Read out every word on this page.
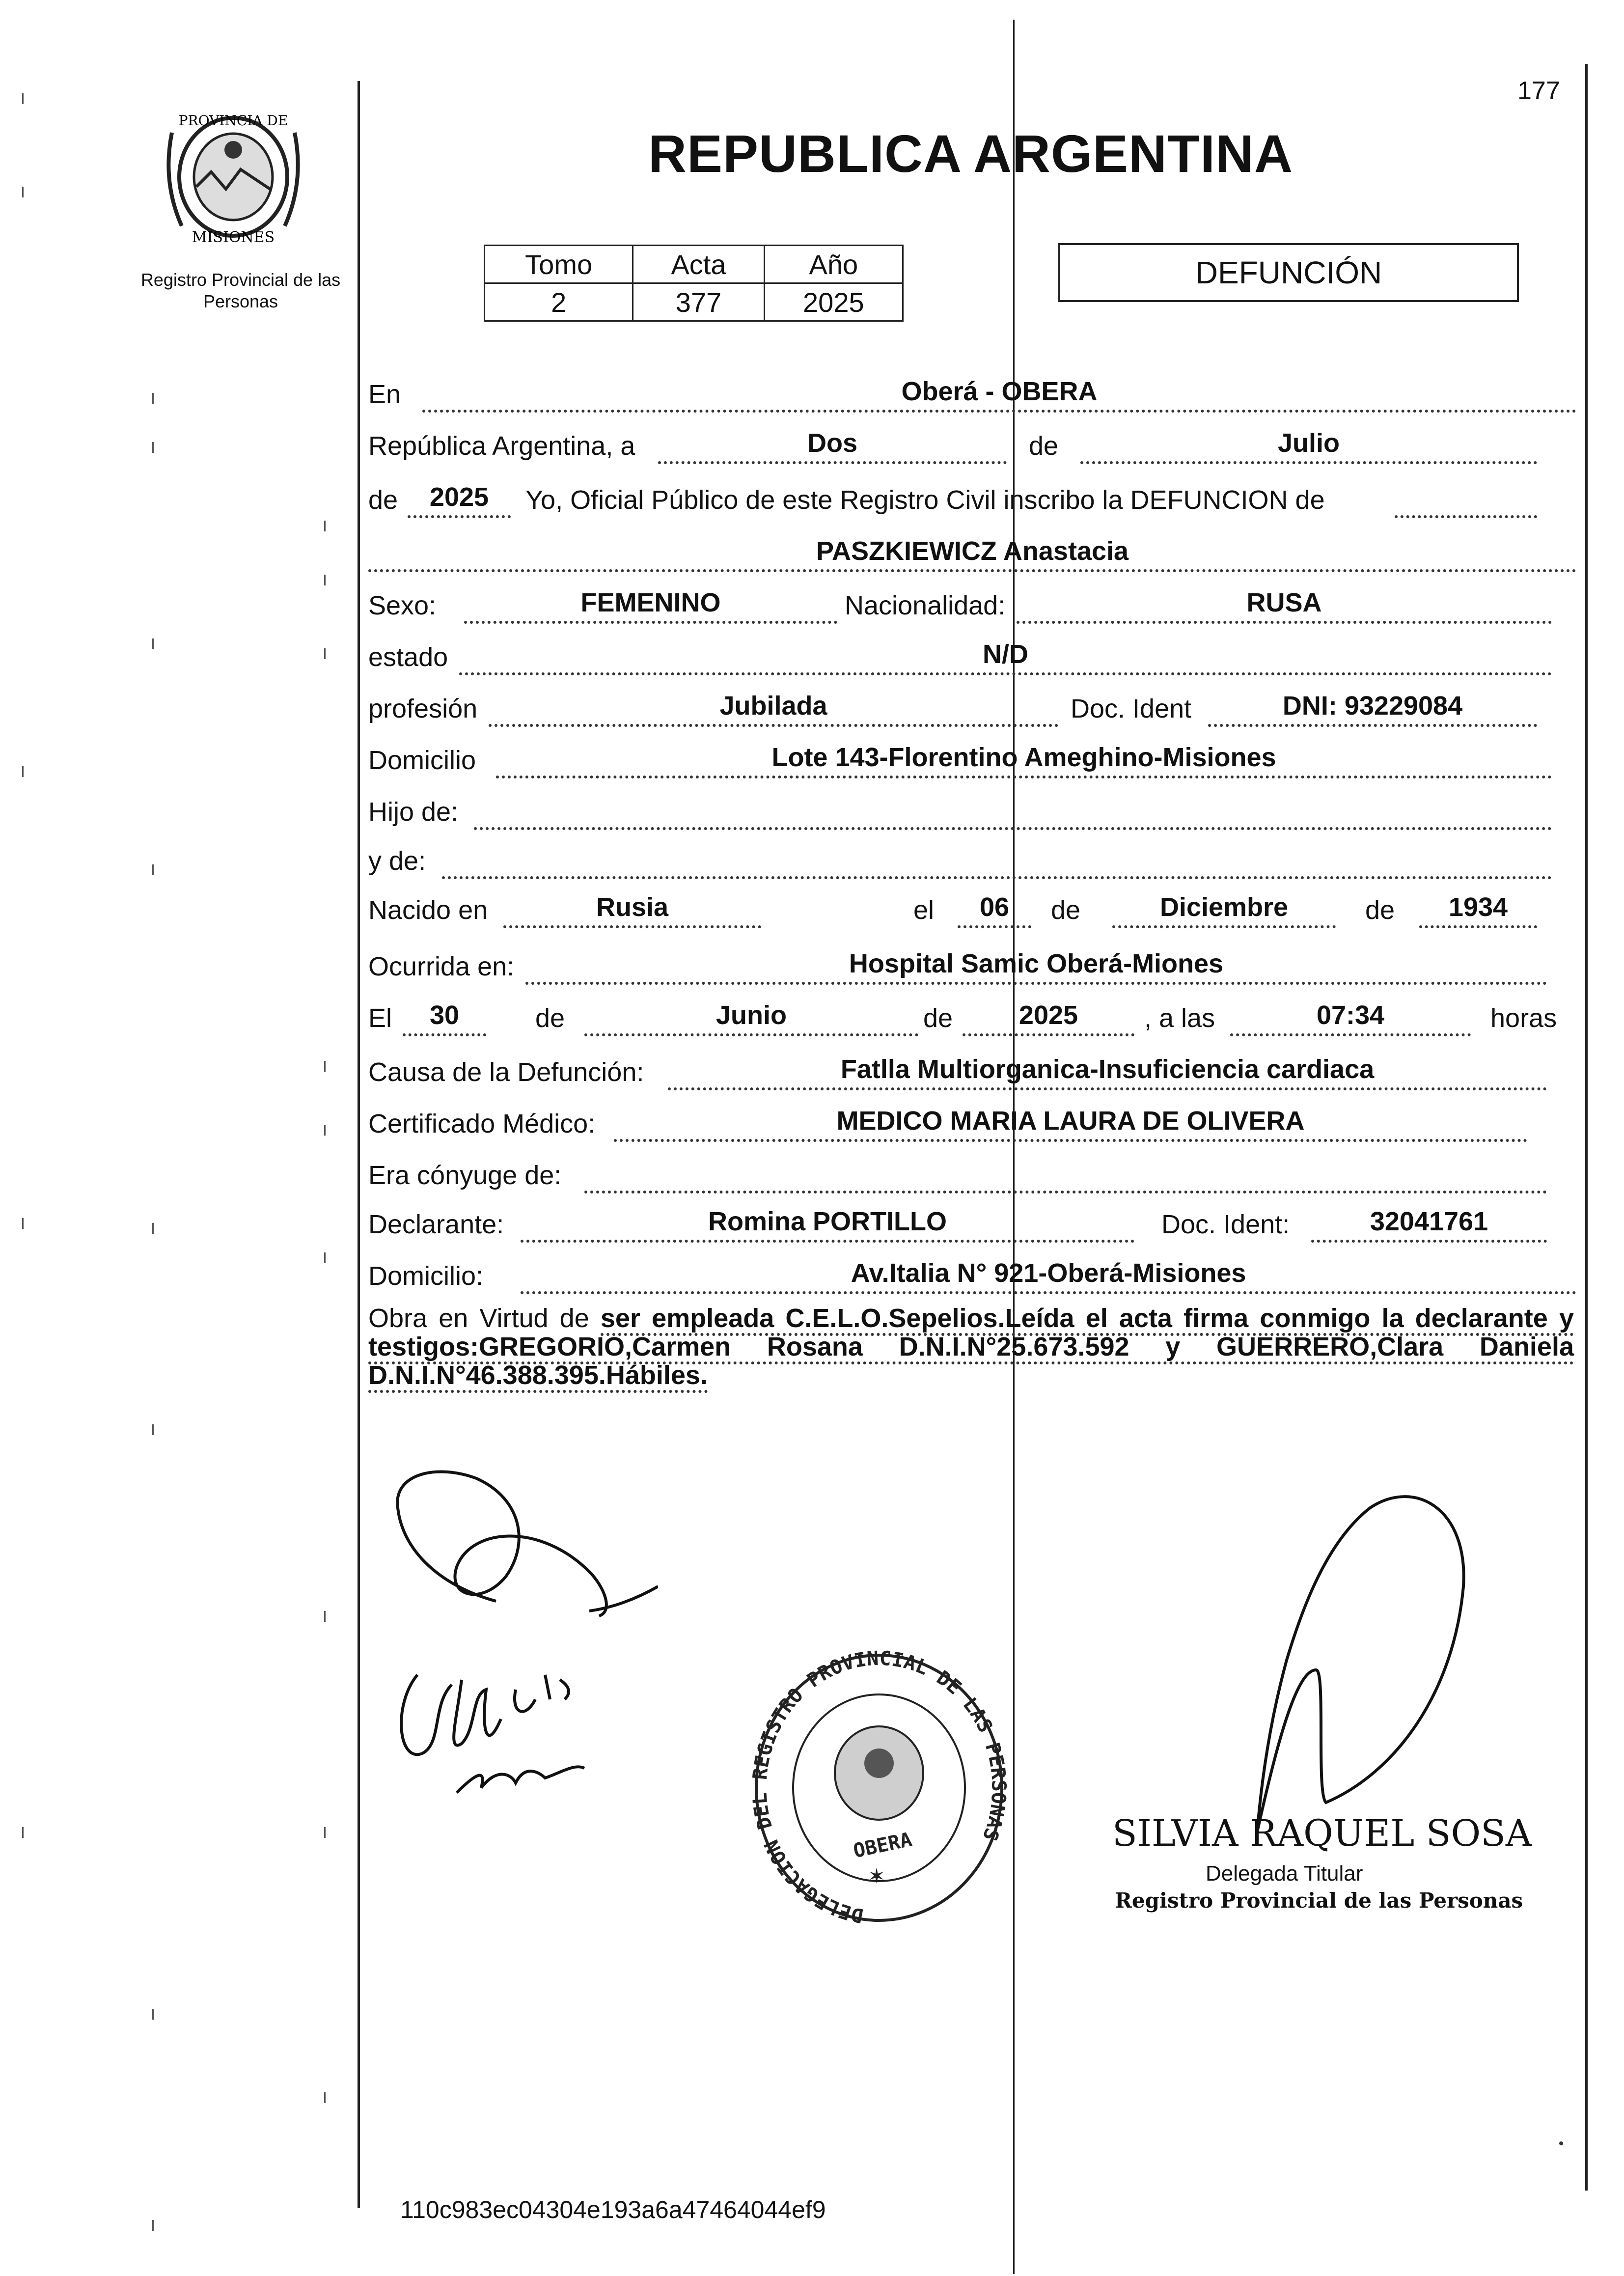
177
PROVINCIA DE
MISIONES
Registro Provincial de las Personas
REPUBLICA ARGENTINA
Tomo	Acta	Año
2	377	2025
DEFUNCIÓN
En	Oberá - OBERA
República Argentina, a	Dos	de	Julio
de	2025	Yo, Oficial Público de este Registro Civil inscribo la DEFUNCION de
PASZKIEWICZ Anastacia
Sexo:	FEMENINO	Nacionalidad:	RUSA
estado	N/D
profesión	Jubilada	Doc. Ident	DNI: 93229084
Domicilio	Lote 143-Florentino Ameghino-Misiones
Hijo de:
y de:
Nacido en	Rusia	el	06	de	Diciembre	de	1934
Ocurrida en:	Hospital Samic Oberá-Miones
El	30	de	Junio	de	2025	, a las	07:34	horas
Causa de la Defunción:	Fatlla Multiorganica-Insuficiencia cardiaca
Certificado Médico:	MEDICO MARIA LAURA DE OLIVERA
Era cónyuge de:
Declarante:	Romina PORTILLO	Doc. Ident:	32041761
Domicilio:	Av.Italia N° 921-Oberá-Misiones
Obra en Virtud de ser empleada C.E.L.O.Sepelios.Leída el acta firma conmigo la declarante y testigos:GREGORIO,Carmen Rosana D.N.I.N°25.673.592 y GUERRERO,Clara Daniela D.N.I.N°46.388.395.Hábiles.
DELEGACION DE EGISTRO PROVINCIAL DE LAS PE NAS
OBERA
✶
SILVIA RAQUEL SOSA
Delegada Titular
Registro Provincial de las Personas
110c983ec04304e193a6a47464044ef9
